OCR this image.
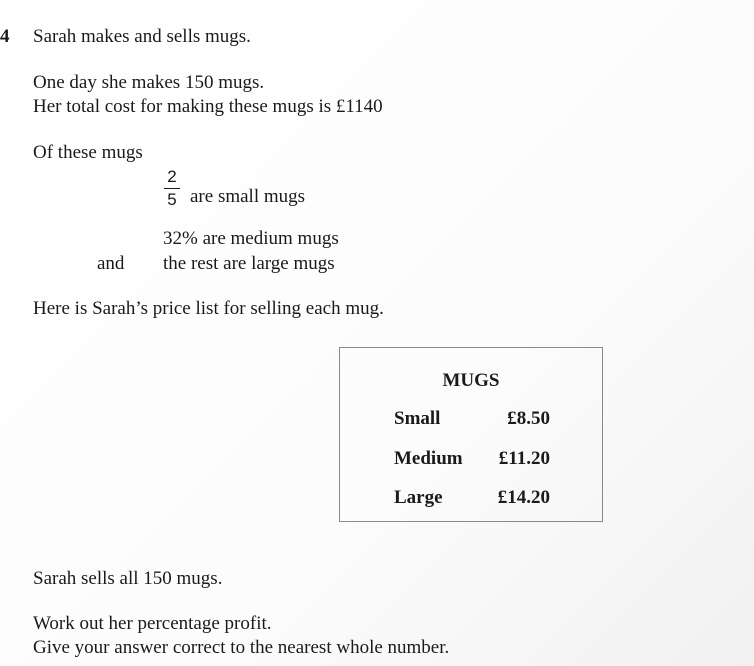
4 Sarah makes and sells mugs.
One day she makes 150 mugs.
Her total cost for making these mugs is £1140
Of these mugs
2
5 are small mugs
32% are medium mugs
and the rest are large mugs
Here is Sarah’s price list for selling each mug.
MUGS
Small	£8.50
Medium £11.20
Large	£14.20
Sarah sells all 150 mugs.
Work out her percentage profit.
Give your answer correct to the nearest whole number.
